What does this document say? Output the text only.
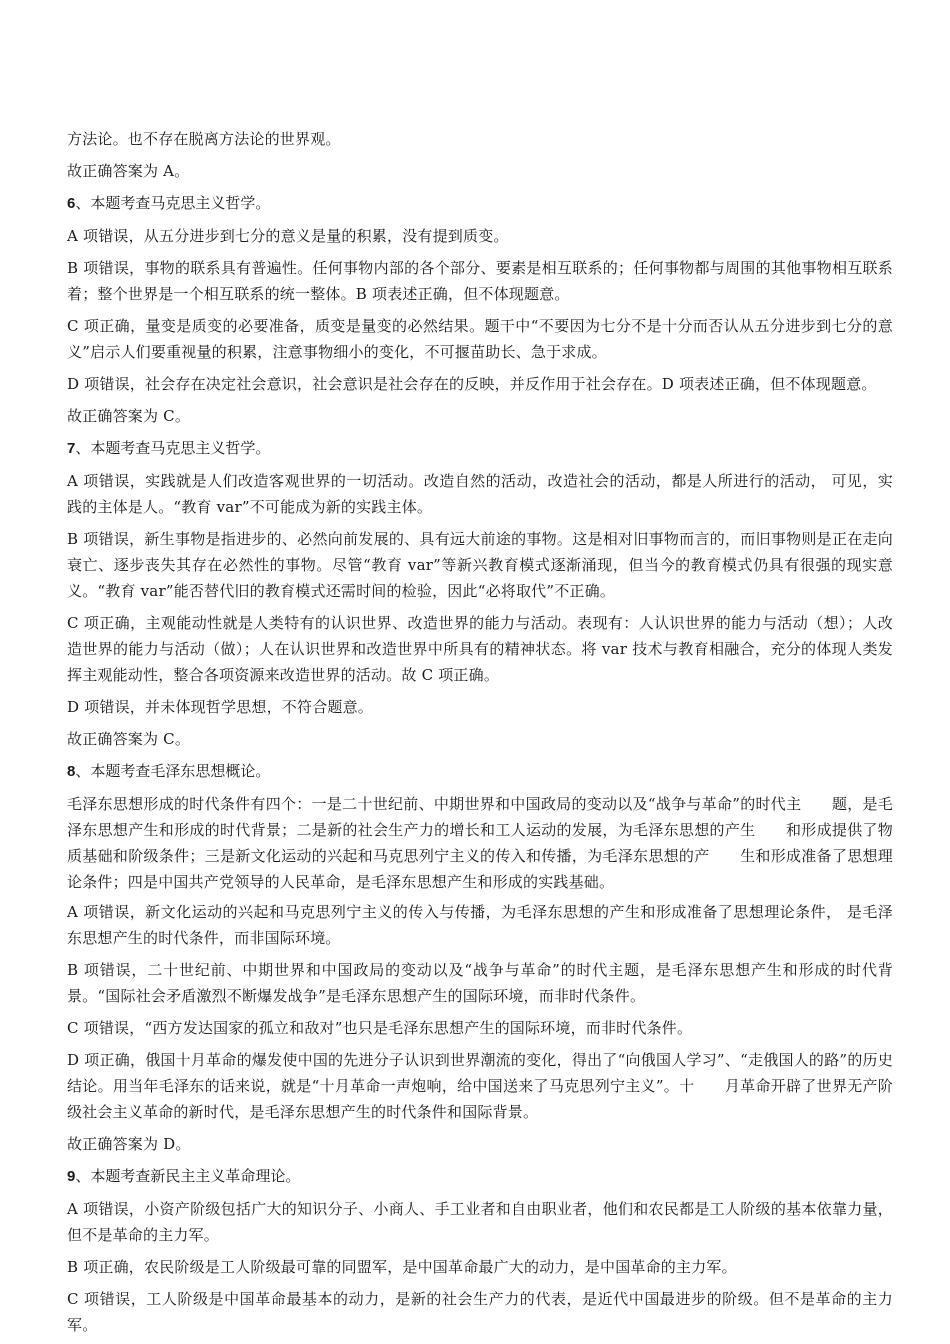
方法论。也不存在脱离方法论的世界观。

故正确答案为 A。

6、本题考查马克思主义哲学。

A 项错误，从五分进步到七分的意义是量的积累，没有提到质变。

B 项错误，事物的联系具有普遍性。任何事物内部的各个部分、要素是相互联系的；任何事物都与周围的其他事物相互联系着；整个世界是一个相互联系的统一整体。B 项表述正确，但不体现题意。

C 项正确，量变是质变的必要准备，质变是量变的必然结果。题干中“不要因为七分不是十分而否认从五分进步到七分的意义”启示人们要重视量的积累，注意事物细小的变化，不可揠苗助长、急于求成。

D 项错误，社会存在决定社会意识，社会意识是社会存在的反映，并反作用于社会存在。D 项表述正确，但不体现题意。

故正确答案为 C。

7、本题考查马克思主义哲学。

A 项错误，实践就是人们改造客观世界的一切活动。改造自然的活动，改造社会的活动，都是人所进行的活动， 可见，实践的主体是人。“教育 var”不可能成为新的实践主体。

B 项错误，新生事物是指进步的、必然向前发展的、具有远大前途的事物。这是相对旧事物而言的，而旧事物则是正在走向衰亡、逐步丧失其存在必然性的事物。尽管“教育 var”等新兴教育模式逐渐涌现，但当今的教育模式仍具有很强的现实意义。“教育 var”能否替代旧的教育模式还需时间的检验，因此“必将取代”不正确。

C 项正确，主观能动性就是人类特有的认识世界、改造世界的能力与活动。表现有：人认识世界的能力与活动（想）；人改造世界的能力与活动（做）；人在认识世界和改造世界中所具有的精神状态。将 var 技术与教育相融合，充分的体现人类发挥主观能动性，整合各项资源来改造世界的活动。故 C 项正确。

D 项错误，并未体现哲学思想，不符合题意。

故正确答案为 C。

8、本题考查毛泽东思想概论。

毛泽东思想形成的时代条件有四个：一是二十世纪前、中期世界和中国政局的变动以及“战争与革命”的时代主　　题，是毛泽东思想产生和形成的时代背景；二是新的社会生产力的增长和工人运动的发展，为毛泽东思想的产生　　和形成提供了物质基础和阶级条件；三是新文化运动的兴起和马克思列宁主义的传入和传播，为毛泽东思想的产　　生和形成准备了思想理论条件；四是中国共产党领导的人民革命，是毛泽东思想产生和形成的实践基础。

A 项错误，新文化运动的兴起和马克思列宁主义的传入与传播，为毛泽东思想的产生和形成准备了思想理论条件， 是毛泽东思想产生的时代条件，而非国际环境。

B 项错误，二十世纪前、中期世界和中国政局的变动以及“战争与革命”的时代主题，是毛泽东思想产生和形成的时代背景。“国际社会矛盾激烈不断爆发战争”是毛泽东思想产生的国际环境，而非时代条件。

C 项错误，“西方发达国家的孤立和敌对”也只是毛泽东思想产生的国际环境，而非时代条件。

D 项正确，俄国十月革命的爆发使中国的先进分子认识到世界潮流的变化，得出了“向俄国人学习”、“走俄国人的路”的历史结论。用当年毛泽东的话来说，就是“十月革命一声炮响，给中国送来了马克思列宁主义”。十　　月革命开辟了世界无产阶级社会主义革命的新时代，是毛泽东思想产生的时代条件和国际背景。

故正确答案为 D。

9、本题考查新民主主义革命理论。

A 项错误，小资产阶级包括广大的知识分子、小商人、手工业者和自由职业者，他们和农民都是工人阶级的基本依靠力量，但不是革命的主力军。

B 项正确，农民阶级是工人阶级最可靠的同盟军，是中国革命最广大的动力，是中国革命的主力军。

C 项错误，工人阶级是中国革命最基本的动力，是新的社会生产力的代表，是近代中国最进步的阶级。但不是革命的主力军。
